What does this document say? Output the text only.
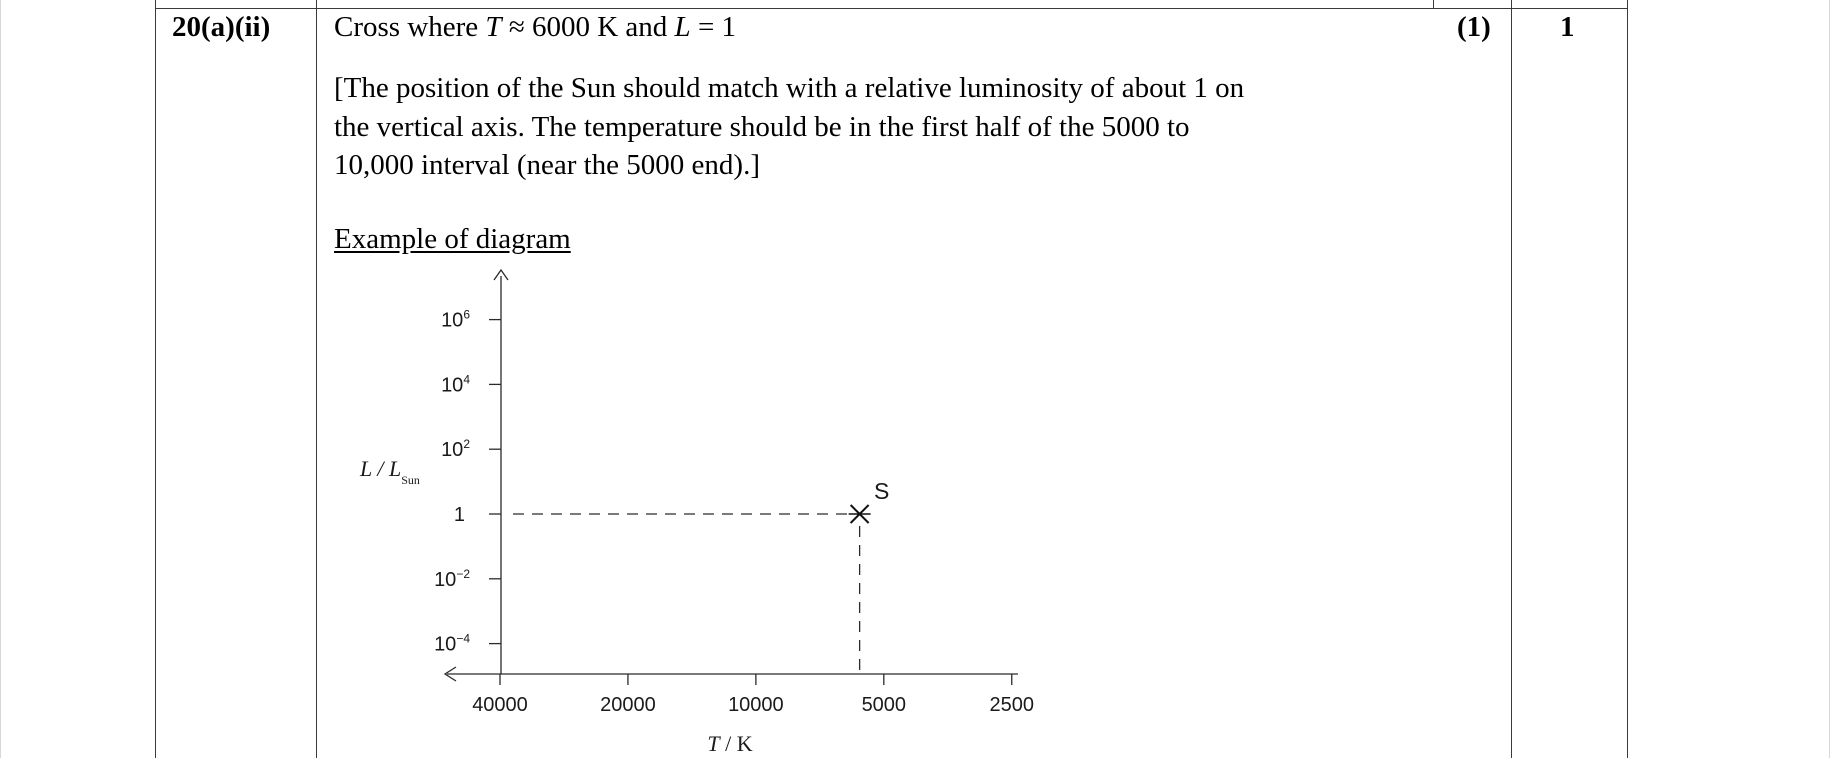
20(a)(ii) Cross where T ≈ 6000 K and L = 1
[The position of the Sun should match with a relative luminosity of about 1 on
the vertical axis. The temperature should be in the first half of the 5000 to
10,000 interval (near the 5000 end).]
Example of diagram
(1) 1
$10^6$
$10^4$
$10^2$
1
$10^{-2}$
$10^{-4}$
40000	20000	10000	5000	2500
S
L / $L_{Sun}$
T / K
